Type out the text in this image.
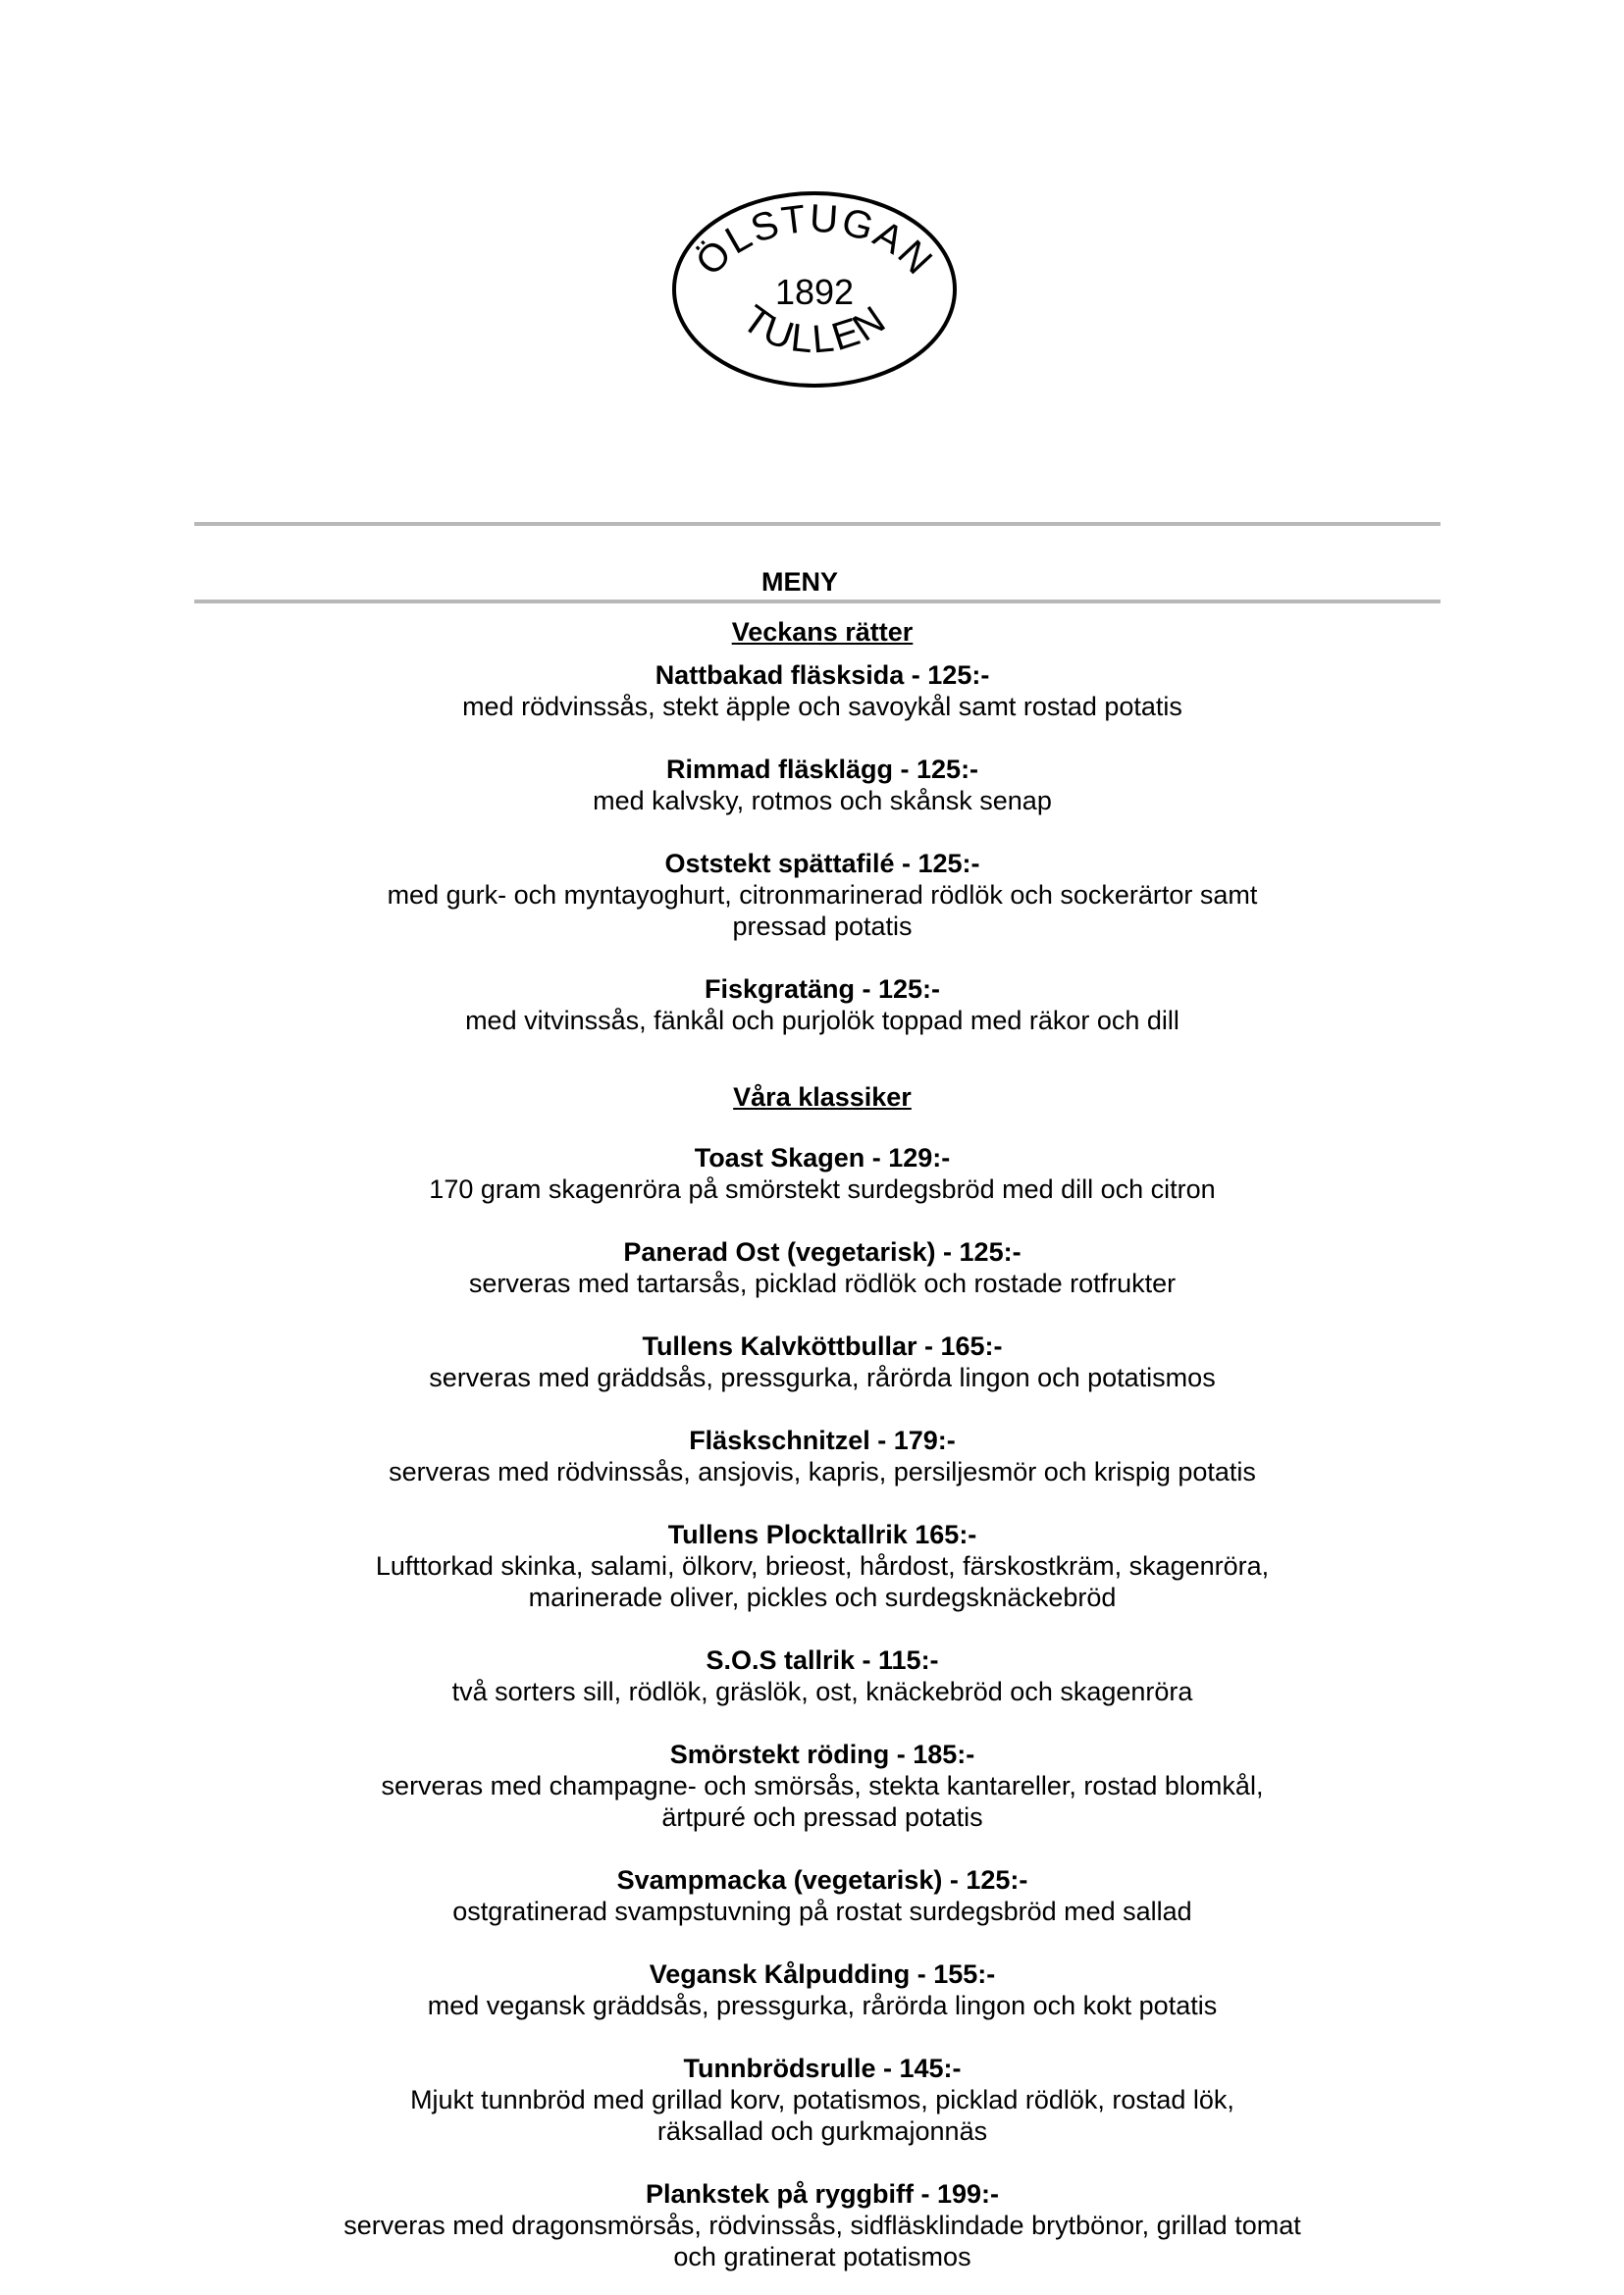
ÖLSTUGAN
1892
TULLEN
MENY
Veckans rätter
Nattbakad fläsksida - 125:-
med rödvinssås, stekt äpple och savoykål samt rostad potatis
Rimmad fläsklägg - 125:-
med kalvsky, rotmos och skånsk senap
Oststekt spättafilé - 125:-
med gurk- och myntayoghurt, citronmarinerad rödlök och sockerärtor samt
pressad potatis
Fiskgratäng - 125:-
med vitvinssås, fänkål och purjolök toppad med räkor och dill
Våra klassiker
Toast Skagen - 129:-
170 gram skagenröra på smörstekt surdegsbröd med dill och citron
Panerad Ost (vegetarisk) - 125:-
serveras med tartarsås, picklad rödlök och rostade rotfrukter
Tullens Kalvköttbullar - 165:-
serveras med gräddsås, pressgurka, rårörda lingon och potatismos
Fläskschnitzel - 179:-
serveras med rödvinssås, ansjovis, kapris, persiljesmör och krispig potatis
Tullens Plocktallrik 165:-
Lufttorkad skinka, salami, ölkorv, brieost, hårdost, färskostkräm, skagenröra,
marinerade oliver, pickles och surdegsknäckebröd
S.O.S tallrik - 115:-
två sorters sill, rödlök, gräslök, ost, knäckebröd och skagenröra
Smörstekt röding - 185:-
serveras med champagne- och smörsås, stekta kantareller, rostad blomkål,
ärtpuré och pressad potatis
Svampmacka (vegetarisk) - 125:-
ostgratinerad svampstuvning på rostat surdegsbröd med sallad
Vegansk Kålpudding - 155:-
med vegansk gräddsås, pressgurka, rårörda lingon och kokt potatis
Tunnbrödsrulle - 145:-
Mjukt tunnbröd med grillad korv, potatismos, picklad rödlök, rostad lök,
räksallad och gurkmajonnäs
Plankstek på ryggbiff - 199:-
serveras med dragonsmörsås, rödvinssås, sidfläsklindade brytbönor, grillad tomat
och gratinerat potatismos
